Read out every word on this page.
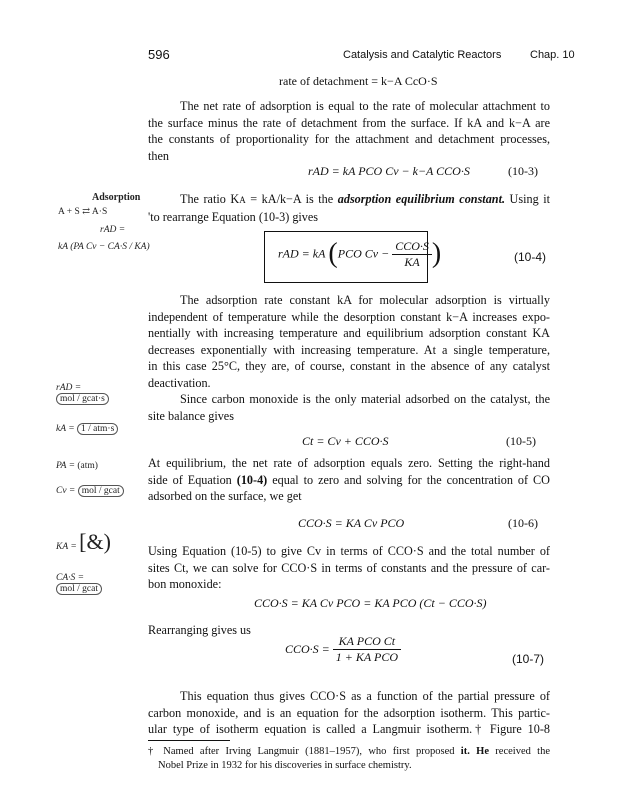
596	Catalysis and Catalytic Reactors	Chap. 10
rate of detachment = k−A CcO·S
The net rate of adsorption is equal to the rate of molecular attachment to
the surface minus the rate of detachment from the surface. If kA and k−A are
the constants of proportionality for the attachment and detachment processes,
then
rAD = kA PCO Cv − k−A CCO·S	(10-3)
Adsorption
A + S ⇄ A·S
rAD =
kA (PA Cv − CA·S / KA)
The ratio KA = kA/k−A is the adsorption equilibrium constant. Using it
'to rearrange Equation (10-3) gives
rAD = kA (PCO $Cv - \frac{\text{CCO·S}}{KA}$ )	(10-4)
The adsorption rate constant kA for molecular adsorption is virtually
independent of temperature while the desorption constant k−A increases expo-
nentially with increasing temperature and equilibrium adsorption constant KA
decreases exponentially with increasing temperature. At a single temperature,
in this case 25°C, they are, of course, constant in the absence of any catalyst
deactivation.
Since carbon monoxide is the only material adsorbed on the catalyst, the
site balance gives
rAD = mol / gcat·s
kA = 1 / atm·s
PA = (atm)
Cv = mol / gcat
KA = [&)
CA·S = mol / gcat
Ct = Cv + CCO·S	(10-5)
At equilibrium, the net rate of adsorption equals zero. Setting the right-hand
side of Equation (10-4) equal to zero and solving for the concentration of CO
adsorbed on the surface, we get
CCO·S = KA Cv PCO	(10-6)
Using Equation (10-5) to give Cv in terms of CCO·S and the total number of
sites Ct, we can solve for CCO·S in terms of constants and the pressure of car-
bon monoxide:
CCO·S = KA Cv PCO = KA PCO (Ct − CCO·S)
Rearranging gives us
$CCO\cdot S = \frac{\text{KA PCO Ct}}{\text{1 + KA PCO}}$	(10-7)
This equation thus gives CCO·S as a function of the partial pressure of
carbon monoxide, and is an equation for the adsorption isotherm. This partic-
ular type of isotherm equation is called a Langmuir isotherm.† Figure 10-8
† Named after Irving Langmuir (1881–1957), who first proposed it. He received the
Nobel Prize in 1932 for his discoveries in surface chemistry.
